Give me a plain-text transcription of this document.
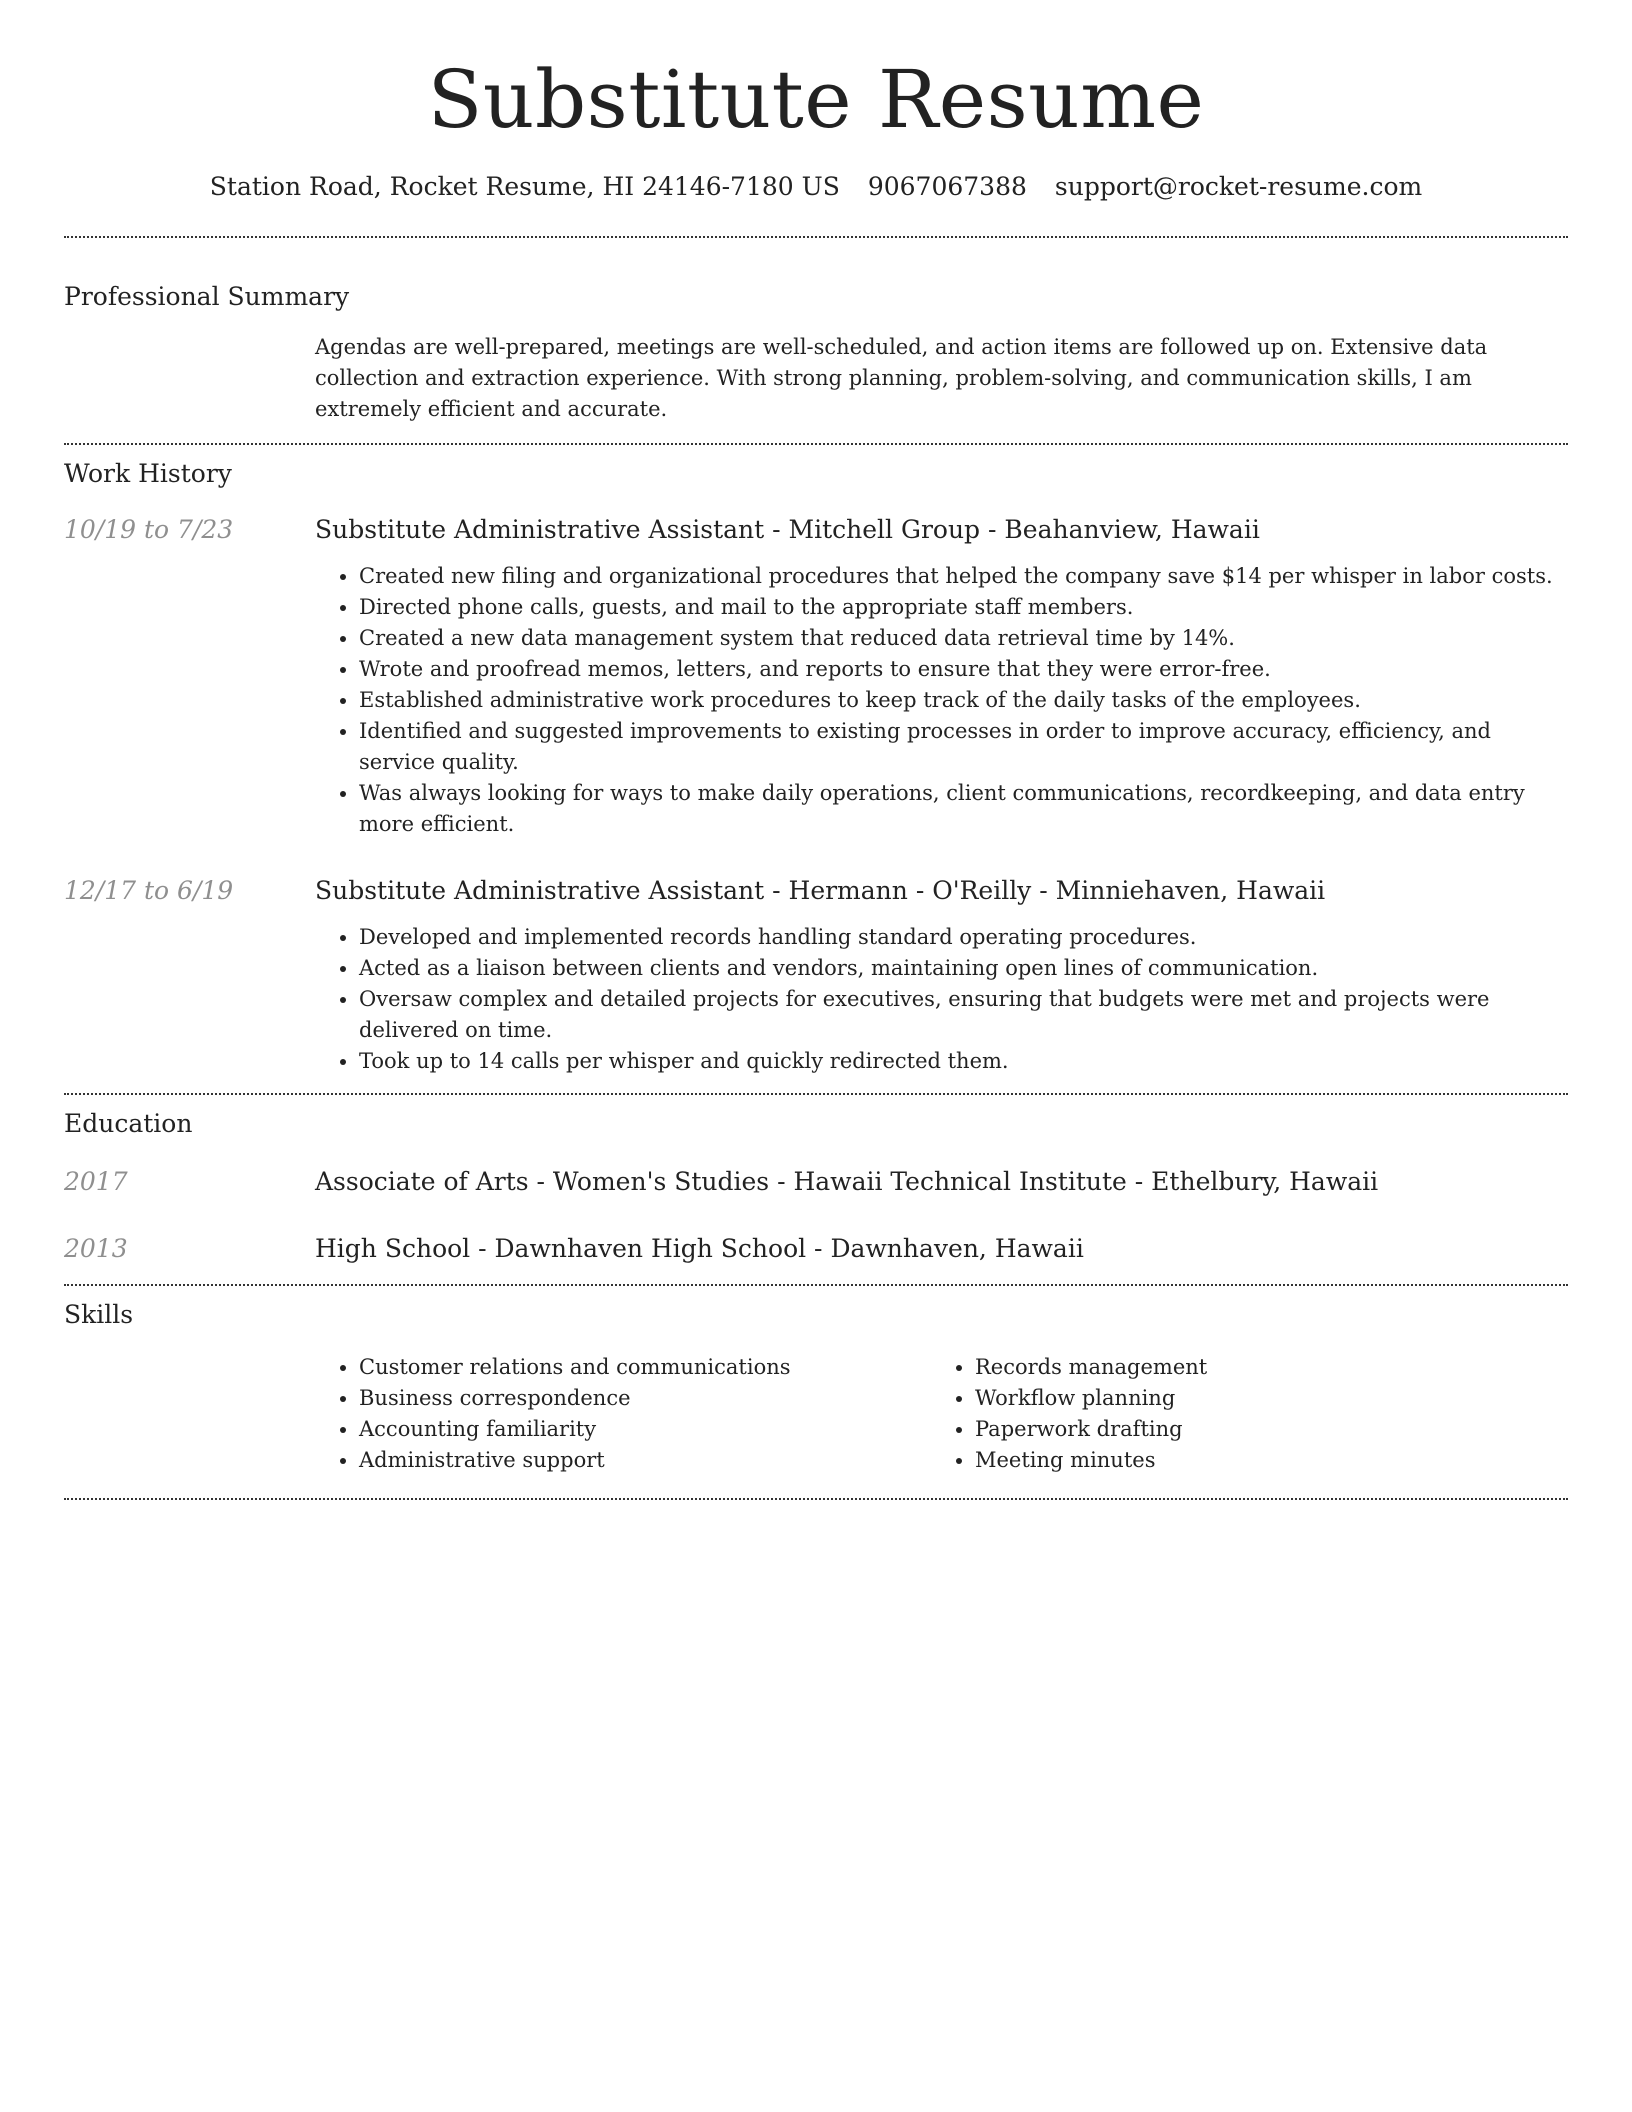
Substitute Resume
Station Road, Rocket Resume, HI 24146-7180 US 9067067388 support@rocket-resume.com
Professional Summary
Agendas are well-prepared, meetings are well-scheduled, and action items are followed up on. Extensive data collection and extraction experience. With strong planning, problem-solving, and communication skills, I am extremely efficient and accurate.
Work History
10/19 to 7/23	Substitute Administrative Assistant - Mitchell Group - Beahanview, Hawaii
• Created new filing and organizational procedures that helped the company save $14 per whisper in labor costs.
• Directed phone calls, guests, and mail to the appropriate staff members.
• Created a new data management system that reduced data retrieval time by 14%.
• Wrote and proofread memos, letters, and reports to ensure that they were error-free.
• Established administrative work procedures to keep track of the daily tasks of the employees.
• Identified and suggested improvements to existing processes in order to improve accuracy, efficiency, and service quality.
• Was always looking for ways to make daily operations, client communications, recordkeeping, and data entry more efficient.
12/17 to 6/19	Substitute Administrative Assistant - Hermann - O'Reilly - Minniehaven, Hawaii
• Developed and implemented records handling standard operating procedures.
• Acted as a liaison between clients and vendors, maintaining open lines of communication.
• Oversaw complex and detailed projects for executives, ensuring that budgets were met and projects were delivered on time.
• Took up to 14 calls per whisper and quickly redirected them.
Education
2017	Associate of Arts - Women's Studies - Hawaii Technical Institute - Ethelbury, Hawaii
2013	High School - Dawnhaven High School - Dawnhaven, Hawaii
Skills
• Customer relations and communications
• Business correspondence
• Accounting familiarity
• Administrative support
• Records management
• Workflow planning
• Paperwork drafting
• Meeting minutes
